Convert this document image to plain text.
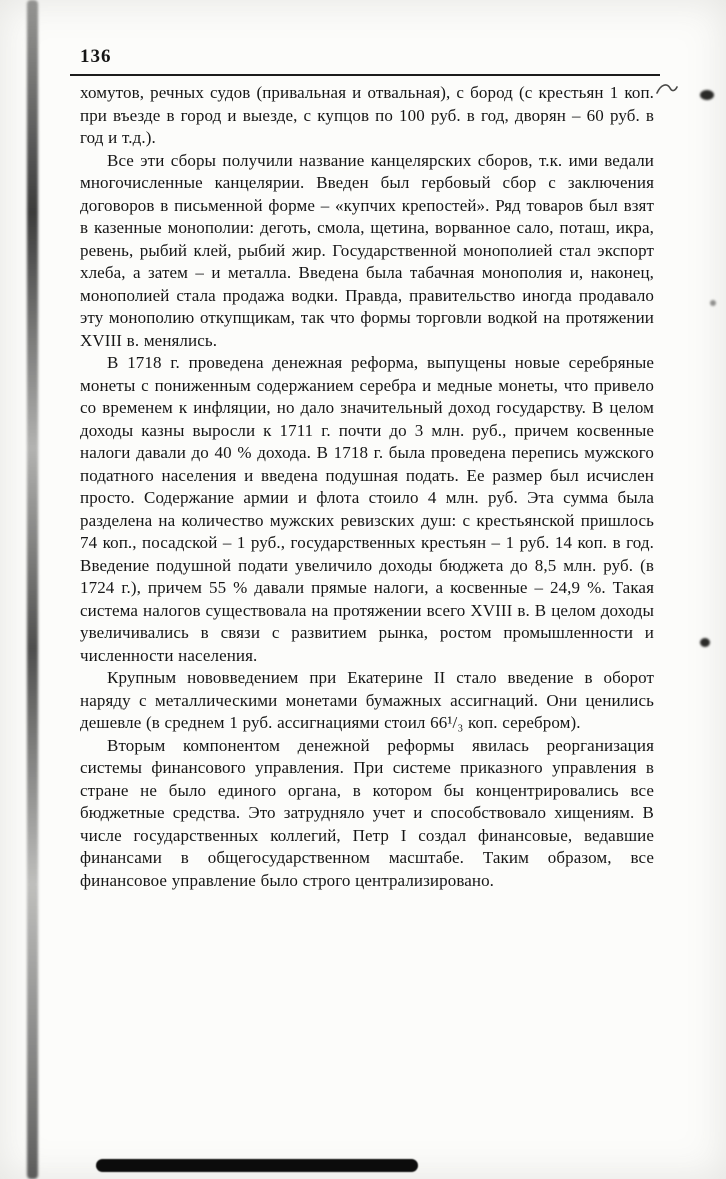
136

хомутов, речных судов (привальная и отвальная), с бород (с крестьян 1 коп. при въезде в город и выезде, с купцов по 100 руб. в год, дворян – 60 руб. в год и т.д.).

Все эти сборы получили название канцелярских сборов, т.к. ими ведали многочисленные канцелярии. Введен был гербовый сбор с заключения договоров в письменной форме – «купчих крепостей». Ряд товаров был взят в казенные монополии: деготь, смола, щетина, ворванное сало, поташ, икра, ревень, рыбий клей, рыбий жир. Государственной монополией стал экспорт хлеба, а затем – и металла. Введена была табачная монополия и, наконец, монополией стала продажа водки. Правда, правительство иногда продавало эту монополию откупщикам, так что формы торговли водкой на протяжении XVIII в. менялись.

В 1718 г. проведена денежная реформа, выпущены новые серебряные монеты с пониженным содержанием серебра и медные монеты, что привело со временем к инфляции, но дало значительный доход государству. В целом доходы казны выросли к 1711 г. почти до 3 млн. руб., причем косвенные налоги давали до 40 % дохода. В 1718 г. была проведена перепись мужского податного населения и введена подушная подать. Ее размер был исчислен просто. Содержание армии и флота стоило 4 млн. руб. Эта сумма была разделена на количество мужских ревизских душ: с крестьянской пришлось 74 коп., посадской – 1 руб., государственных крестьян – 1 руб. 14 коп. в год. Введение подушной подати увеличило доходы бюджета до 8,5 млн. руб. (в 1724 г.), причем 55 % давали прямые налоги, а косвенные – 24,9 %. Такая система налогов существовала на протяжении всего XVIII в. В целом доходы увеличивались в связи с развитием рынка, ростом промышленности и численности населения.

Крупным нововведением при Екатерине II стало введение в оборот наряду с металлическими монетами бумажных ассигнаций. Они ценились дешевле (в среднем 1 руб. ассигнациями стоил 66¹/₃ коп. серебром).

Вторым компонентом денежной реформы явилась реорганизация системы финансового управления. При системе приказного управления в стране не было единого органа, в котором бы концентрировались все бюджетные средства. Это затрудняло учет и способствовало хищениям. В числе государственных коллегий, Петр I создал финансовые, ведавшие финансами в общегосударственном масштабе. Таким образом, все финансовое управление было строго централизировано.
